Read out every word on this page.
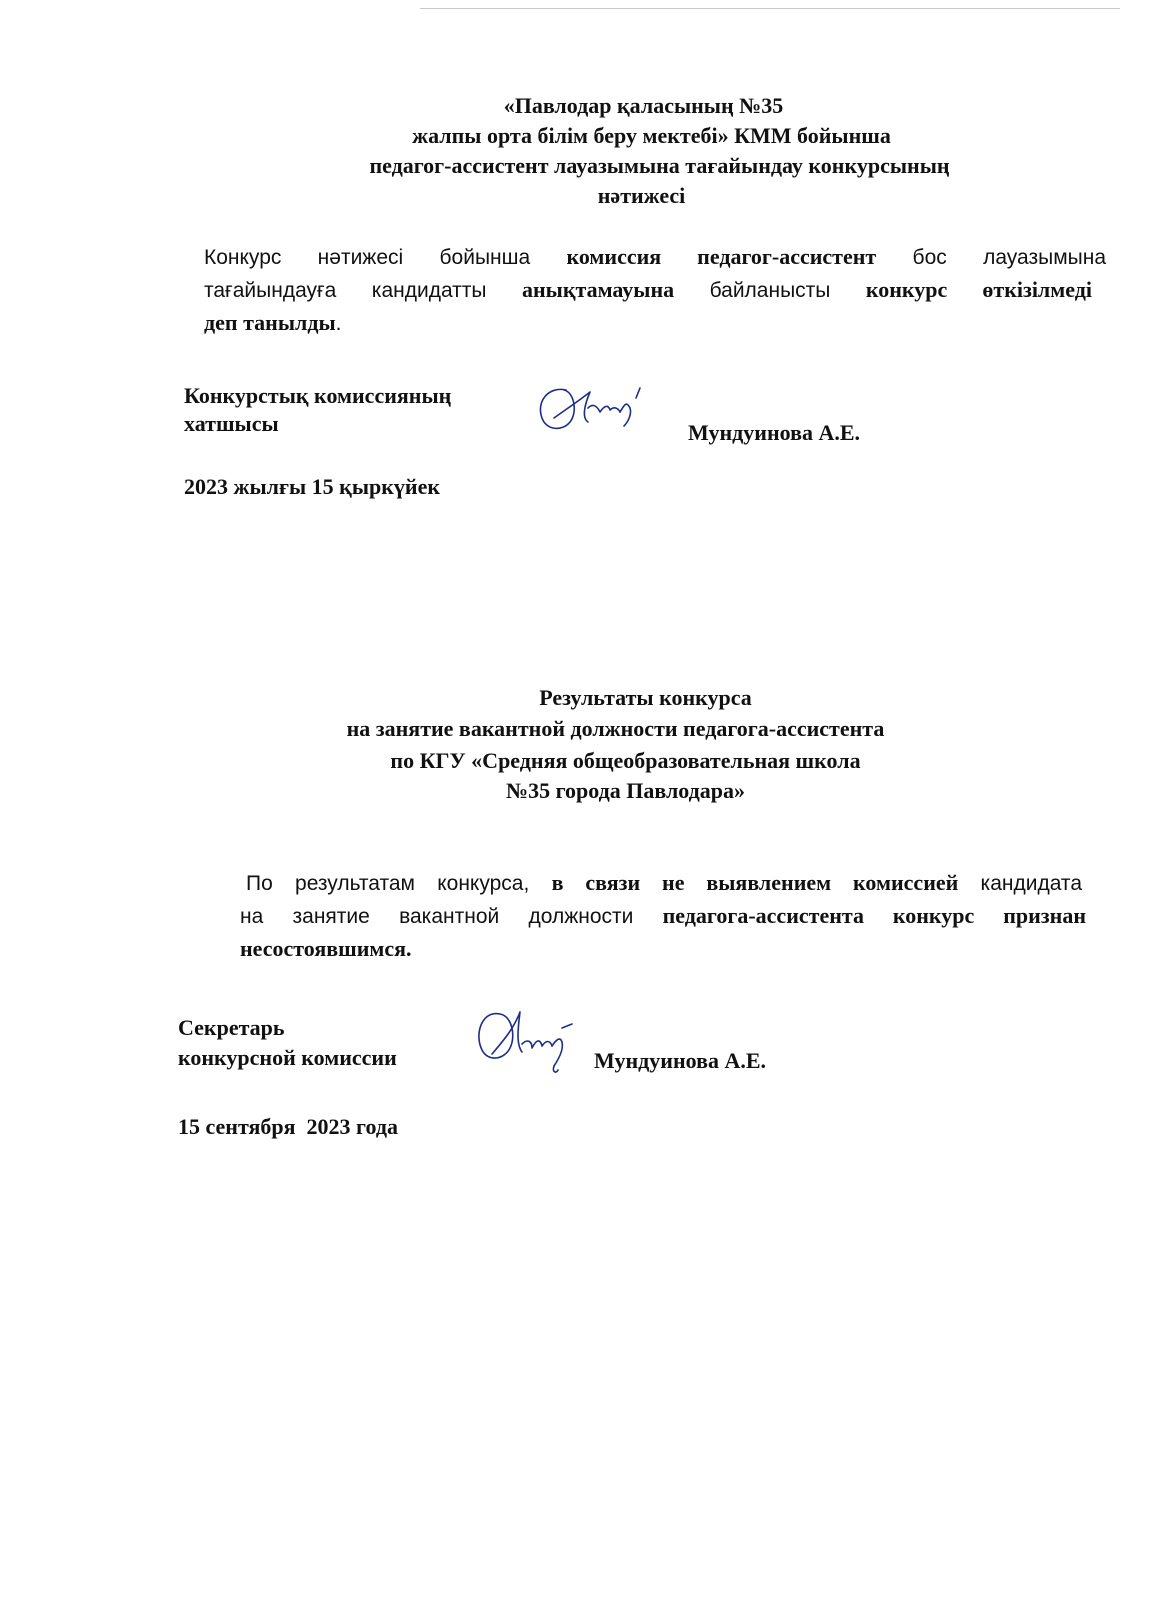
«Павлодар қаласының №35
жалпы орта білім беру мектебі» КММ бойынша
педагог-ассистент лауазымына тағайындау конкурсының
нәтижесі
Конкурс нәтижесі бойынша комиссия педагог-ассистент бос лауазымына
тағайындауға кандидатты анықтамауына байланысты конкурс өткізілмеді
деп танылды.
Конкурстық комиссияның
хатшысы	Мундуинова А.Е.
2023 жылғы 15 қыркүйек
Результаты конкурса
на занятие вакантной должности педагога-ассистента
по КГУ «Средняя общеобразовательная школа
№35 города Павлодара»
По результатам конкурса, в связи не выявлением комиссией кандидата
на занятие вакантной должности педагога-ассистента конкурс признан
несостоявшимся.
Секретарь
конкурсной комиссии	Мундуинова А.Е.
15 сентября  2023 года
